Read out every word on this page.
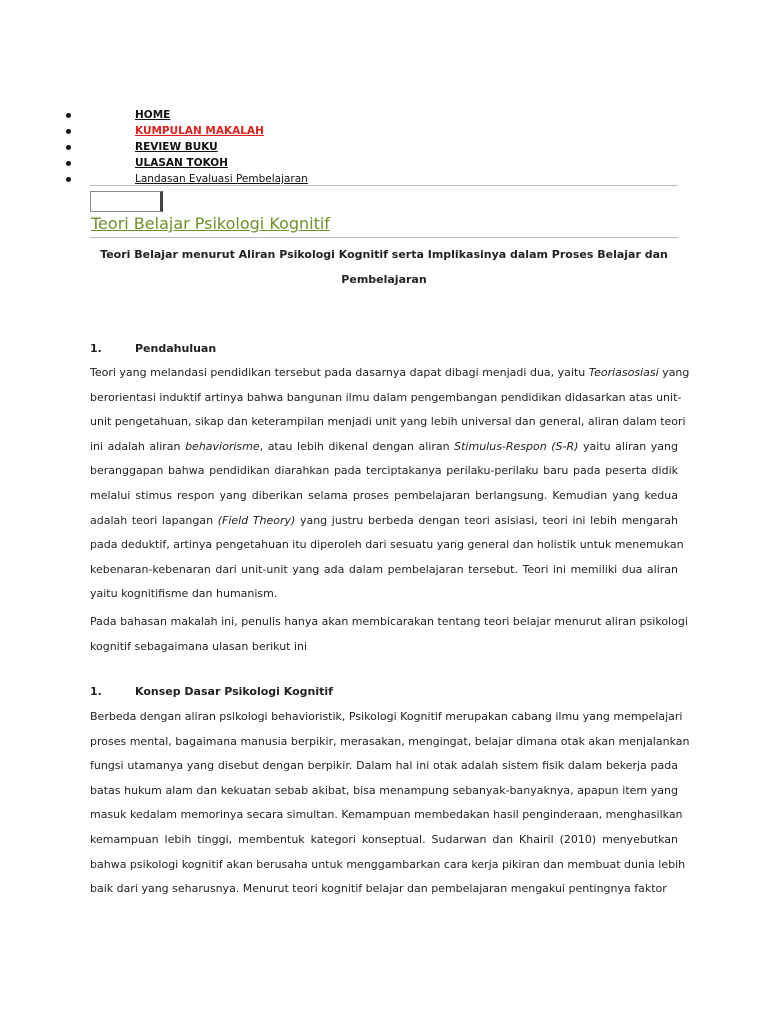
HOME
KUMPULAN MAKALAH
REVIEW BUKU
ULASAN TOKOH
Landasan Evaluasi Pembelajaran
Teori Belajar Psikologi Kognitif
Teori Belajar menurut Aliran Psikologi Kognitif serta Implikasinya dalam Proses Belajar dan
Pembelajaran
1.	Pendahuluan
Teori yang melandasi pendidikan tersebut pada dasarnya dapat dibagi menjadi dua, yaitu Teoriasosiasi yang
berorientasi induktif artinya bahwa bangunan ilmu dalam pengembangan pendidikan didasarkan atas unit-
unit pengetahuan, sikap dan keterampilan menjadi unit yang lebih universal dan general, aliran dalam teori
ini adalah aliran behaviorisme, atau lebih dikenal dengan aliran Stimulus-Respon (S-R) yaitu aliran yang
beranggapan bahwa pendidikan diarahkan pada terciptakanya perilaku-perilaku baru pada peserta didik
melalui stimus respon yang diberikan selama proses pembelajaran berlangsung. Kemudian yang kedua
adalah teori lapangan (Field Theory) yang justru berbeda dengan teori asisiasi, teori ini lebih mengarah
pada deduktif, artinya pengetahuan itu diperoleh dari sesuatu yang general dan holistik untuk menemukan
kebenaran-kebenaran dari unit-unit yang ada dalam pembelajaran tersebut. Teori ini memiliki dua aliran
yaitu kognitifisme dan humanism.
Pada bahasan makalah ini, penulis hanya akan membicarakan tentang teori belajar menurut aliran psikologi
kognitif sebagaimana ulasan berikut ini
1.	Konsep Dasar Psikologi Kognitif
Berbeda dengan aliran psikologi behavioristik, Psikologi Kognitif merupakan cabang ilmu yang mempelajari
proses mental, bagaimana manusia berpikir, merasakan, mengingat, belajar dimana otak akan menjalankan
fungsi utamanya yang disebut dengan berpikir. Dalam hal ini otak adalah sistem fisik dalam bekerja pada
batas hukum alam dan kekuatan sebab akibat, bisa menampung sebanyak-banyaknya, apapun item yang
masuk kedalam memorinya secara simultan. Kemampuan membedakan hasil penginderaan, menghasilkan
kemampuan lebih tinggi, membentuk kategori konseptual. Sudarwan dan Khairil (2010) menyebutkan
bahwa psikologi kognitif akan berusaha untuk menggambarkan cara kerja pikiran dan membuat dunia lebih
baik dari yang seharusnya. Menurut teori kognitif belajar dan pembelajaran mengakui pentingnya faktor
